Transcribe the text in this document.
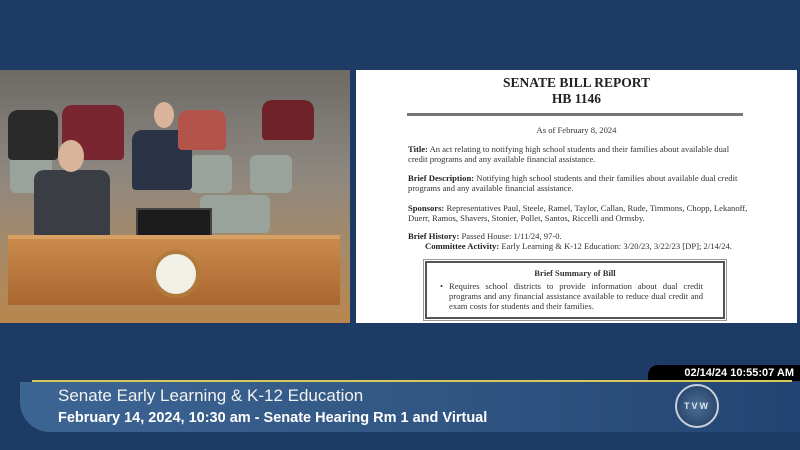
SENATE BILL REPORT
HB 1146
As of February 8, 2024
Title: An act relating to notifying high school students and their families about available dual credit programs and any available financial assistance.
Brief Description: Notifying high school students and their families about available dual credit programs and any available financial assistance.
Sponsors: Representatives Paul, Steele, Ramel, Taylor, Callan, Rude, Timmons, Chopp, Lekanoff, Duerr, Ramos, Shavers, Stonier, Pollet, Santos, Riccelli and Ormsby.
Brief History: Passed House: 1/11/24, 97-0.
Committee Activity: Early Learning & K-12 Education: 3/20/23, 3/22/23 [DP]; 2/14/24.
Brief Summary of Bill
• Requires school districts to provide information about dual credit programs and any financial assistance available to reduce dual credit and exam costs for students and their families.
02/14/24 10:55:07 AM
Senate Early Learning & K-12 Education
February 14, 2024, 10:30 am - Senate Hearing Rm 1 and Virtual
TVW
